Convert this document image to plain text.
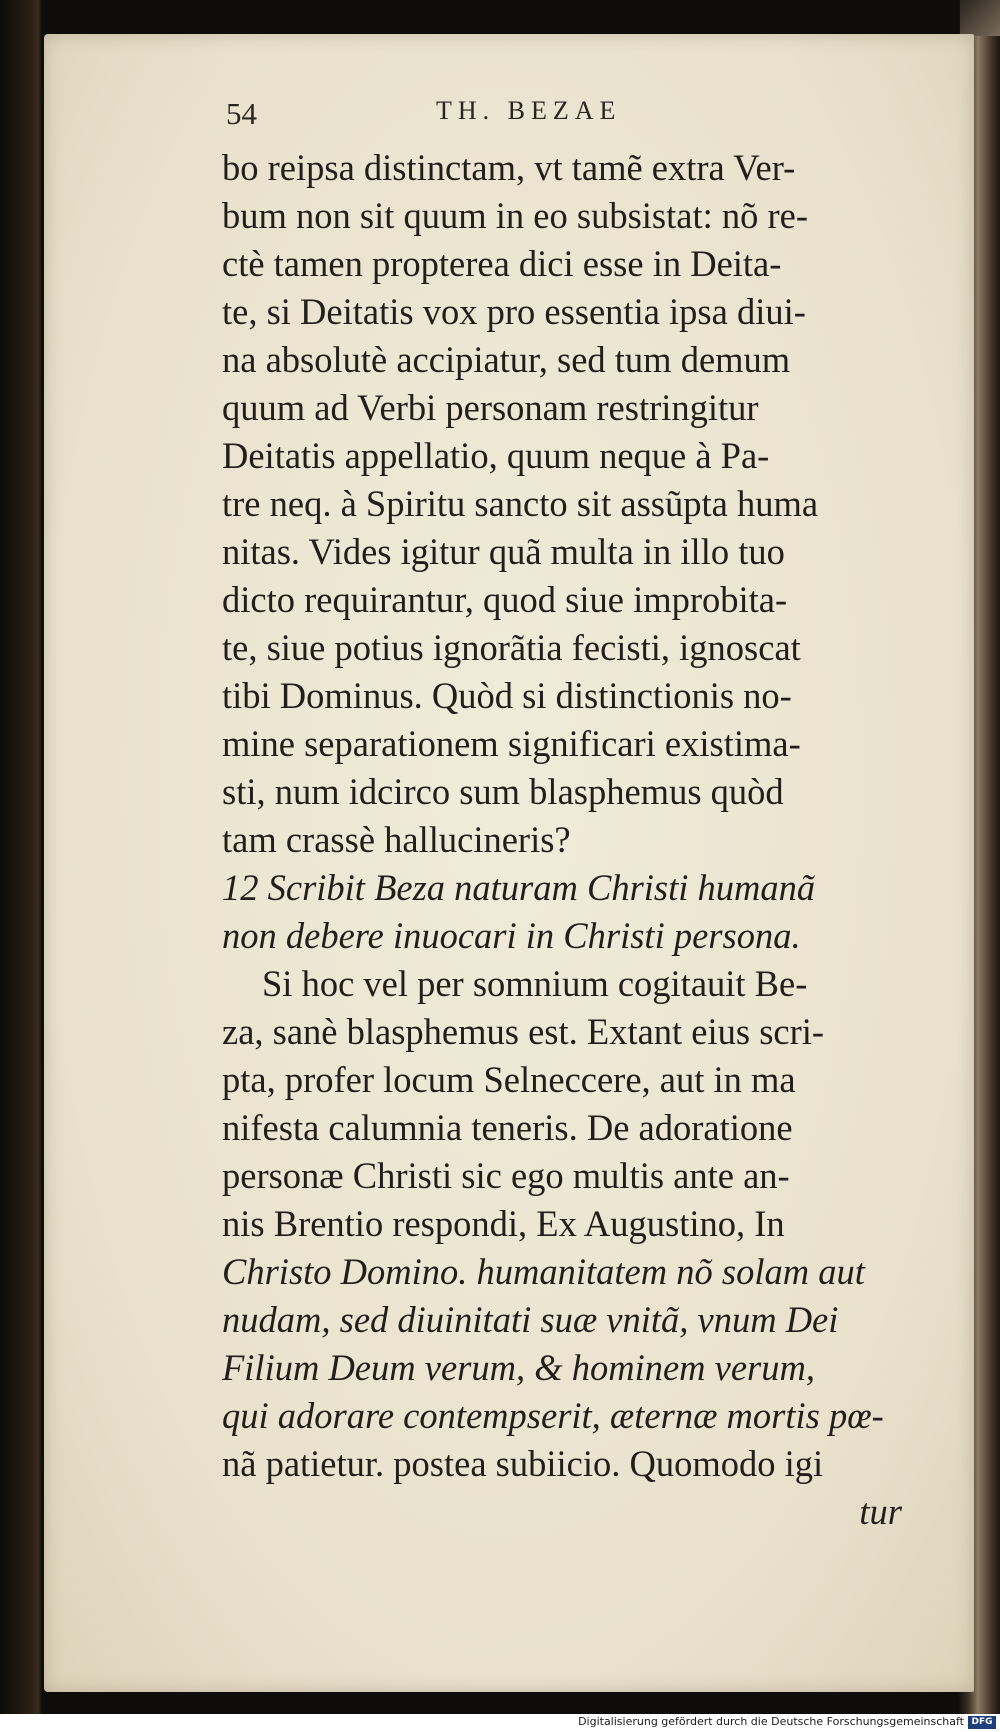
54	TH. BEZAE
bo reipsa distinctam, vt tamẽ extra Ver-
bum non sit quum in eo subsistat: nõ re-
ctè tamen propterea dici esse in Deita-
te, si Deitatis vox pro essentia ipsa diui-
na absolutè accipiatur, sed tum demum
quum ad Verbi personam restringitur
Deitatis appellatio, quum neque à Pa-
tre neq. à Spiritu sancto sit assũpta huma
nitas. Vides igitur quã multa in illo tuo
dicto requirantur, quod siue improbita-
te, siue potius ignorãtia fecisti, ignoscat
tibi Dominus. Quòd si distinctionis no-
mine separationem significari existima-
sti, num idcirco sum blasphemus quòd
tam crassè hallucineris?
12 Scribit Beza naturam Christi humanã
non debere inuocari in Christi persona.
Si hoc vel per somnium cogitauit Be-
za, sanè blasphemus est. Extant eius scri-
pta, profer locum Selneccere, aut in ma
nifesta calumnia teneris. De adoratione
personæ Christi sic ego multis ante an-
nis Brentio respondi, Ex Augustino, In
Christo Domino. humanitatem nõ solam aut
nudam, sed diuinitati suæ vnitã, vnum Dei
Filium Deum verum, & hominem verum,
qui adorare contempserit, æternæ mortis pœ-
nã patietur. postea subiicio. Quomodo igi
tur
Digitalisierung gefördert durch die Deutsche Forschungsgemeinschaft DFG
